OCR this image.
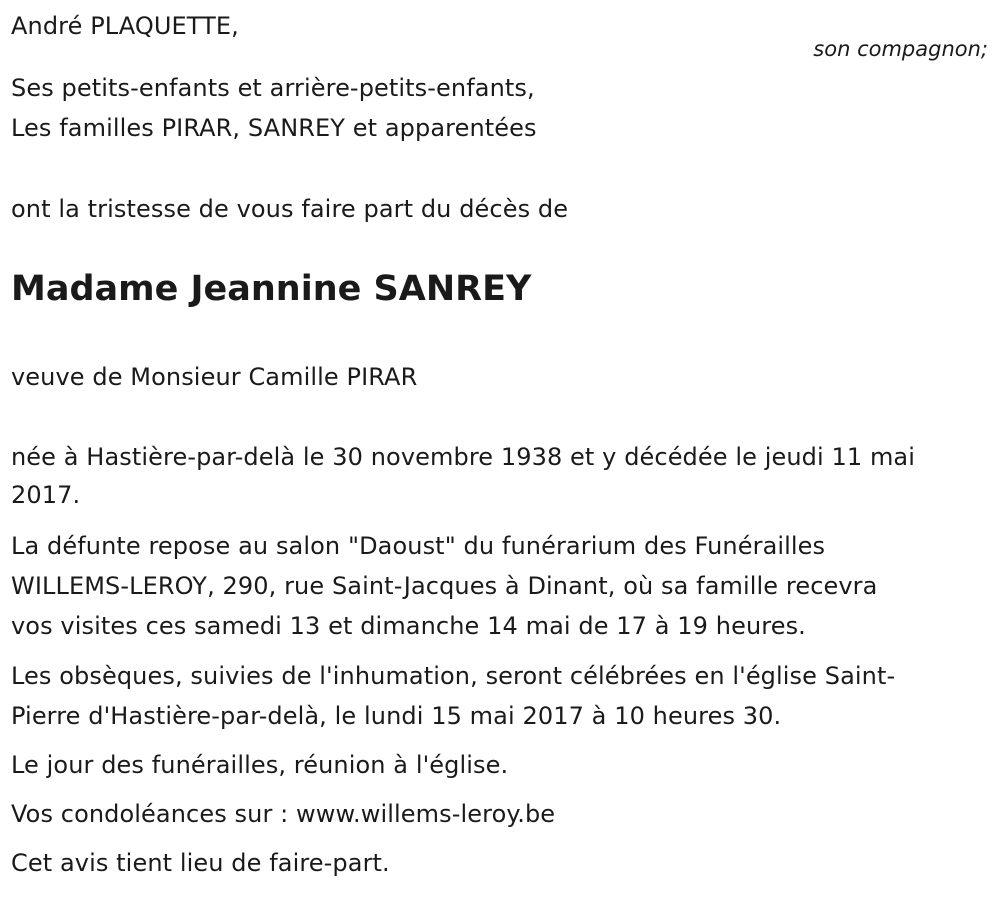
André PLAQUETTE,
son compagnon;
Ses petits-enfants et arrière-petits-enfants,
Les familles PIRAR, SANREY et apparentées
ont la tristesse de vous faire part du décès de
Madame Jeannine SANREY
veuve de Monsieur Camille PIRAR
née à Hastière-par-delà le 30 novembre 1938 et y décédée le jeudi 11 mai
2017.
La défunte repose au salon "Daoust" du funérarium des Funérailles
WILLEMS-LEROY, 290, rue Saint-Jacques à Dinant, où sa famille recevra
vos visites ces samedi 13 et dimanche 14 mai de 17 à 19 heures.
Les obsèques, suivies de l'inhumation, seront célébrées en l'église Saint-
Pierre d'Hastière-par-delà, le lundi 15 mai 2017 à 10 heures 30.
Le jour des funérailles, réunion à l'église.
Vos condoléances sur : www.willems-leroy.be
Cet avis tient lieu de faire-part.
